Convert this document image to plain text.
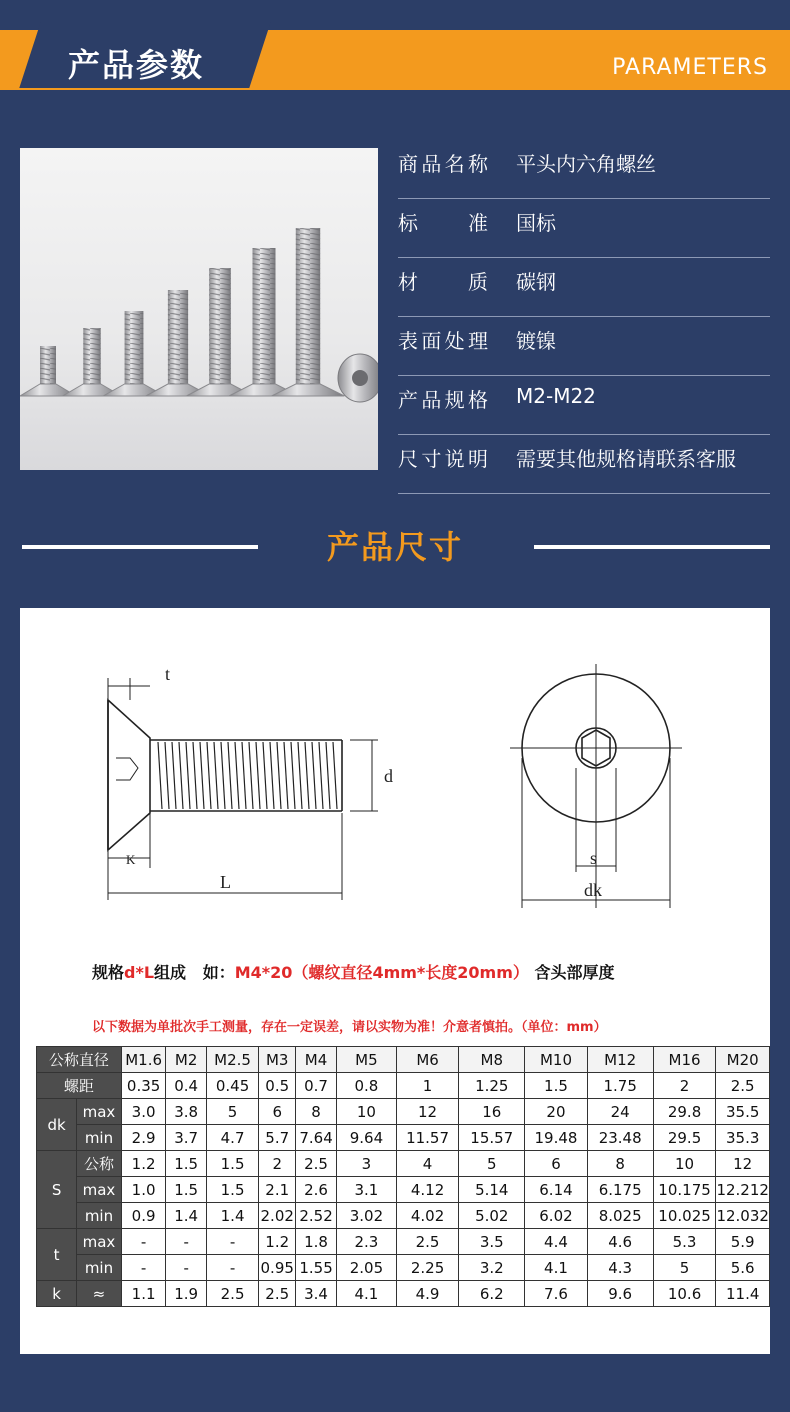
产品参数	PARAMETERS
商品名称 平头内六角螺丝
标准 国标
材质 碳钢
表面处理 镀镍
产品规格 M2-M22
尺寸说明 需要其他规格请联系客服
产品尺寸
t
d
K
L
s
dk
规格d*L组成   如：M4*20（螺纹直径4mm*长度20mm） 含头部厚度
以下数据为单批次手工测量，存在一定误差，请以实物为准！介意者慎拍。（单位：mm）
公称直径		M1.6	M2	M2.5	M3	M4	M5	M6	M8	M10	M12	M16	M20
螺距		0.35	0.4	0.45	0.5	0.7	0.8	1	1.25	1.5	1.75	2	2.5
dk	max	3.0	3.8	5	6	8	10	12	16	20	24	29.8	35.5
	min	2.9	3.7	4.7	5.7	7.64	9.64	11.57	15.57	19.48	23.48	29.5	35.3
S	公称	1.2	1.5	1.5	2	2.5	3	4	5	6	8	10	12
	max	1.0	1.5	1.5	2.1	2.6	3.1	4.12	5.14	6.14	6.175	10.175	12.212
	min	0.9	1.4	1.4	2.02	2.52	3.02	4.02	5.02	6.02	8.025	10.025	12.032
t	max	-	-	-	1.2	1.8	2.3	2.5	3.5	4.4	4.6	5.3	5.9
	min	-	-	-	0.95	1.55	2.05	2.25	3.2	4.1	4.3	5	5.6
k	≈	1.1	1.9	2.5	2.5	3.4	4.1	4.9	6.2	7.6	9.6	10.6	11.4
